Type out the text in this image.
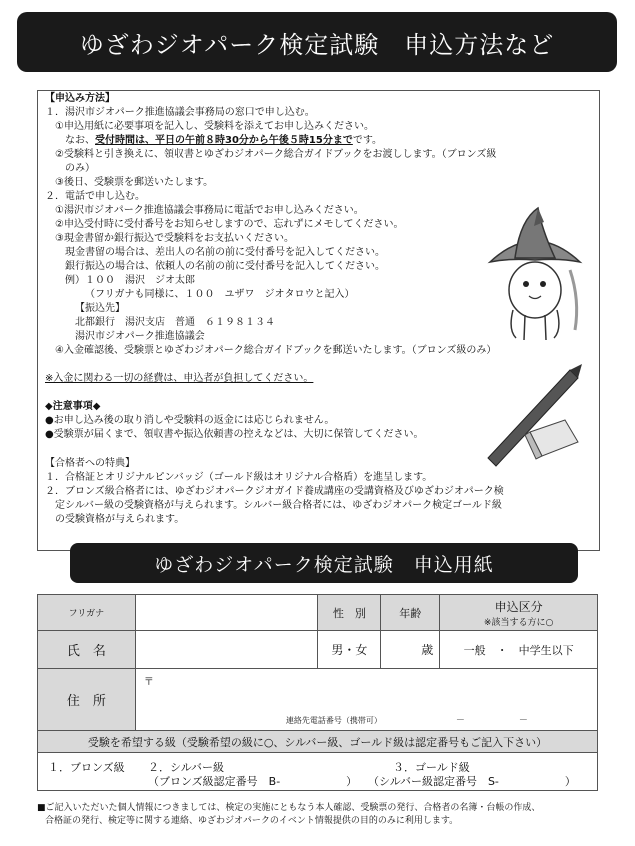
ゆざわジオパーク検定試験　申込方法など
【申込み方法】
１．湯沢市ジオパーク推進協議会事務局の窓口で申し込む。
①申込用紙に必要事項を記入し、受験料を添えてお申し込みください。
なお、受付時間は、平日の午前８時30分から午後５時15分までです。
②受験料と引き換えに、領収書とゆざわジオパーク総合ガイドブックをお渡しします。（ブロンズ級
のみ）
③後日、受験票を郵送いたします。
２．電話で申し込む。
①湯沢市ジオパーク推進協議会事務局に電話でお申し込みください。
②申込受付時に受付番号をお知らせしますので、忘れずにメモしてください。
③現金書留か銀行振込で受験料をお支払いください。
現金書留の場合は、差出人の名前の前に受付番号を記入してください。
銀行振込の場合は、依頼人の名前の前に受付番号を記入してください。
例）１００　湯沢　ジオ太郎
（フリガナも同様に、１００　ユザワ　ジオタロウと記入）
【振込先】
北都銀行　湯沢支店　普通　６１９８１３４
湯沢市ジオパーク推進協議会
④入金確認後、受験票とゆざわジオパーク総合ガイドブックを郵送いたします。（ブロンズ級のみ）
※入金に関わる一切の経費は、申込者が負担してください。
◆注意事項◆
●お申し込み後の取り消しや受験料の返金には応じられません。
●受験票が届くまで、領収書や振込依頼書の控えなどは、大切に保管してください。
【合格者への特典】
１．合格証とオリジナルピンバッジ（ゴールド級はオリジナル合格盾）を進呈します。
２．ブロンズ級合格者には、ゆざわジオパークジオガイド養成講座の受講資格及びゆざわジオパーク検
定シルバー級の受験資格が与えられます。シルバー級合格者には、ゆざわジオパーク検定ゴールド級
の受験資格が与えられます。
ゆざわジオパーク検定試験　申込用紙
フリガナ		性　別	年齢	申込区分
※該当する方に○

氏　名		男・女	歳	一般　・　中学生以下
住　所	〒
連絡先電話番号（携帯可） －　　　　　　－			

受験を希望する級（受験希望の級に○、シルバー級、ゴールド級は認定番号もご記入下さい）				

１．ブロンズ級 ２．シルバー級 ３．ゴールド級
（ブロンズ級認定番号　B-　　　　　　） （シルバー級認定番号　S-　　　　　　）				
■ご記入いただいた個人情報につきましては、検定の実施にともなう本人確認、受験票の発行、合格者の名簿・台帳の作成、
合格証の発行、検定等に関する連絡、ゆざわジオパークのイベント情報提供の目的のみに利用します。
